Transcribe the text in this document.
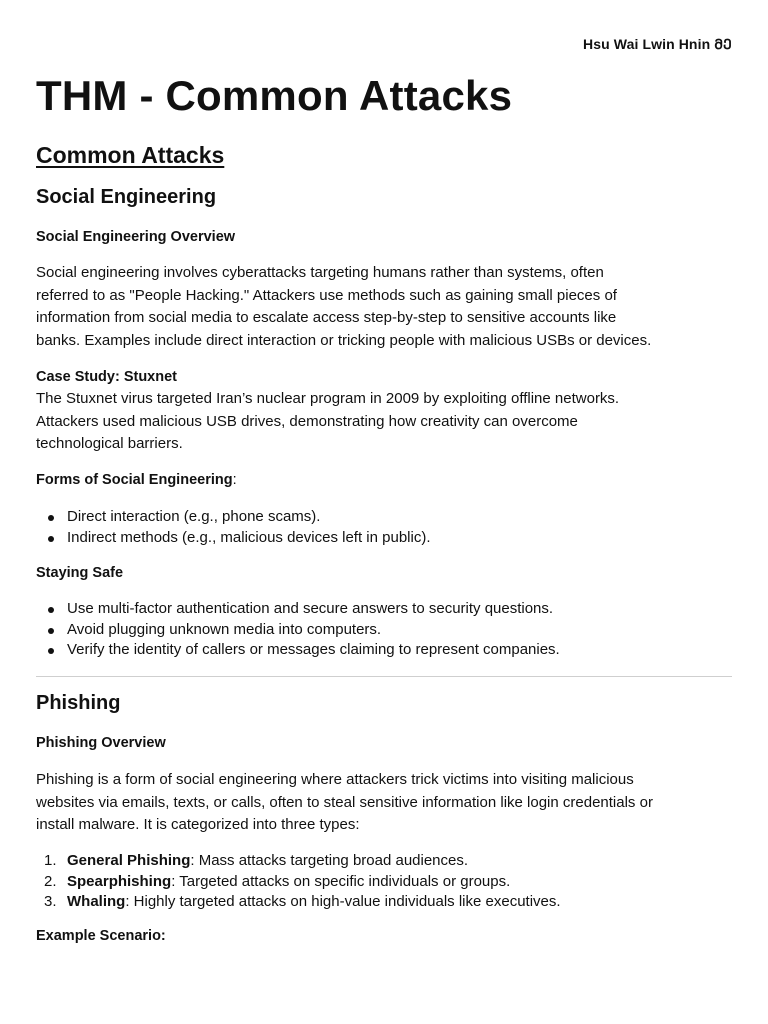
Hsu Wai Lwin Hnin ᲛᲔ
THM - Common Attacks
Common Attacks
Social Engineering
Social Engineering Overview

Social engineering involves cyberattacks targeting humans rather than systems, often
referred to as "People Hacking." Attackers use methods such as gaining small pieces of
information from social media to escalate access step-by-step to sensitive accounts like
banks. Examples include direct interaction or tricking people with malicious USBs or devices.

Case Study: Stuxnet

The Stuxnet virus targeted Iran’s nuclear program in 2009 by exploiting offline networks.
Attackers used malicious USB drives, demonstrating how creativity can overcome
technological barriers.

Forms of Social Engineering:
Direct interaction (e.g., phone scams).
Indirect methods (e.g., malicious devices left in public).
Staying Safe
Use multi-factor authentication and secure answers to security questions.
Avoid plugging unknown media into computers.
Verify the identity of callers or messages claiming to represent companies.
Phishing
Phishing Overview

Phishing is a form of social engineering where attackers trick victims into visiting malicious
websites via emails, texts, or calls, often to steal sensitive information like login credentials or
install malware. It is categorized into three types:

1. General Phishing: Mass attacks targeting broad audiences.
2. Spearphishing: Targeted attacks on specific individuals or groups.
3. Whaling: Highly targeted attacks on high-value individuals like executives.
Example Scenario:
